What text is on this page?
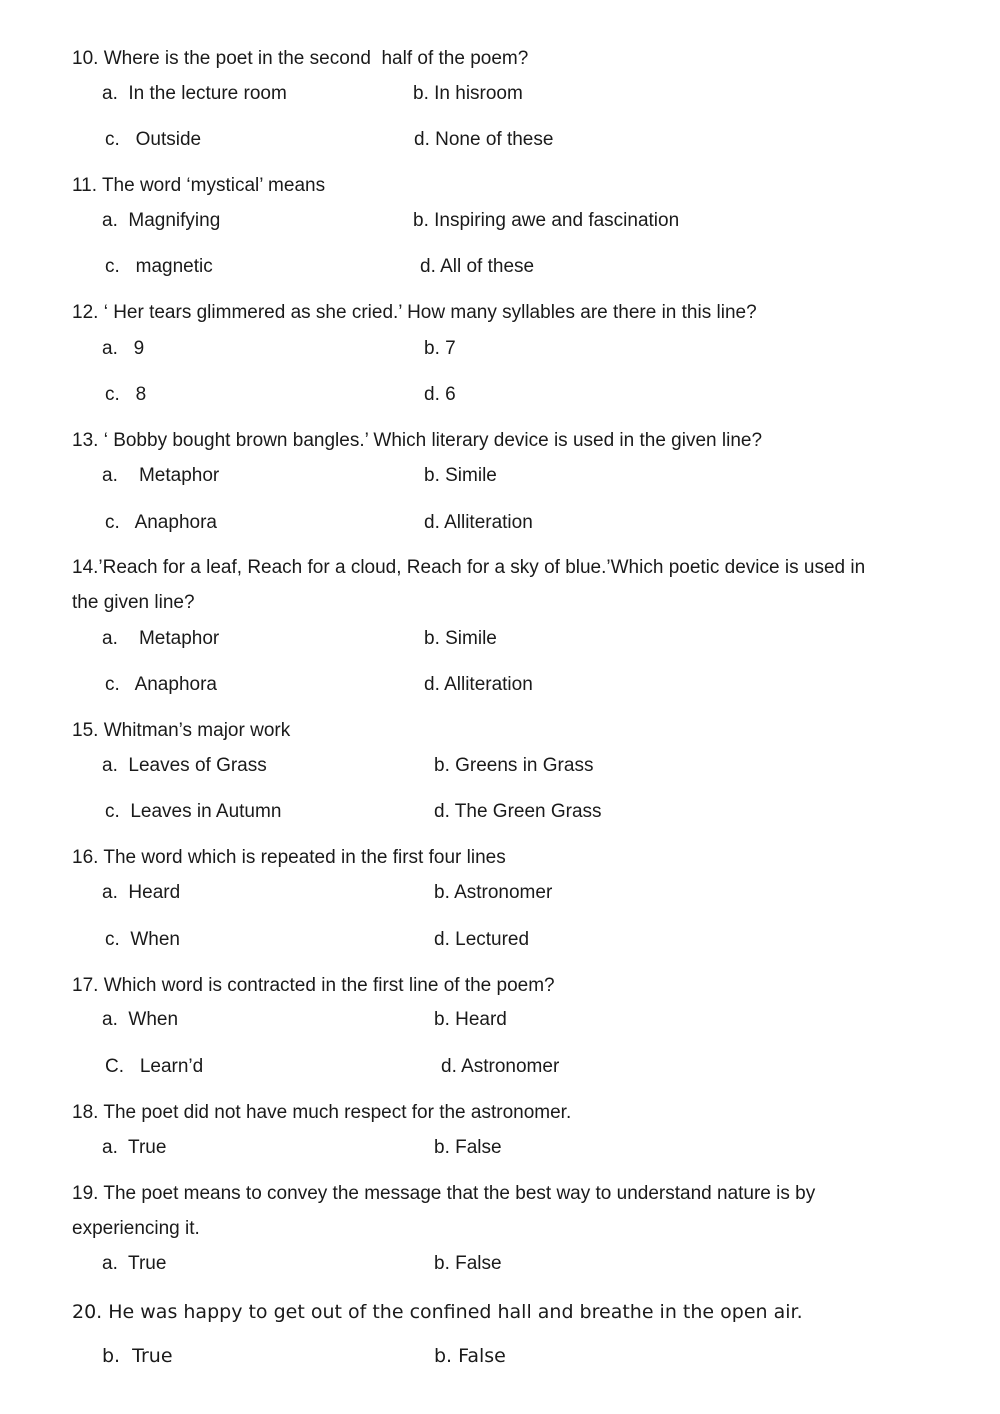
10. Where is the poet in the second  half of the poem?
a.  In the lecture room	b. In hisroom
c.   Outside	d. None of these
11. The word ‘mystical’ means
a.  Magnifying	b. Inspiring awe and fascination
c.   magnetic	d. All of these
12. ‘ Her tears glimmered as she cried.’ How many syllables are there in this line?
a.   9	b. 7
c.   8	d. 6
13. ‘ Bobby bought brown bangles.’ Which literary device is used in the given line?
a.    Metaphor	b. Simile
c.   Anaphora	d. Alliteration
14.’Reach for a leaf, Reach for a cloud, Reach for a sky of blue.’Which poetic device is used in
the given line?
a.    Metaphor	b. Simile
c.   Anaphora	d. Alliteration
15. Whitman’s major work
a.  Leaves of Grass	b. Greens in Grass
c.  Leaves in Autumn	d. The Green Grass
16. The word which is repeated in the first four lines
a.  Heard	b. Astronomer
c.  When	d. Lectured
17. Which word is contracted in the first line of the poem?
a.  When	b. Heard
C.   Learn’d	d. Astronomer
18. The poet did not have much respect for the astronomer.
a.  True	b. False
19. The poet means to convey the message that the best way to understand nature is by
experiencing it.
a.  True	b. False
20. He was happy to get out of the confined hall and breathe in the open air.
b.  True	b. False
